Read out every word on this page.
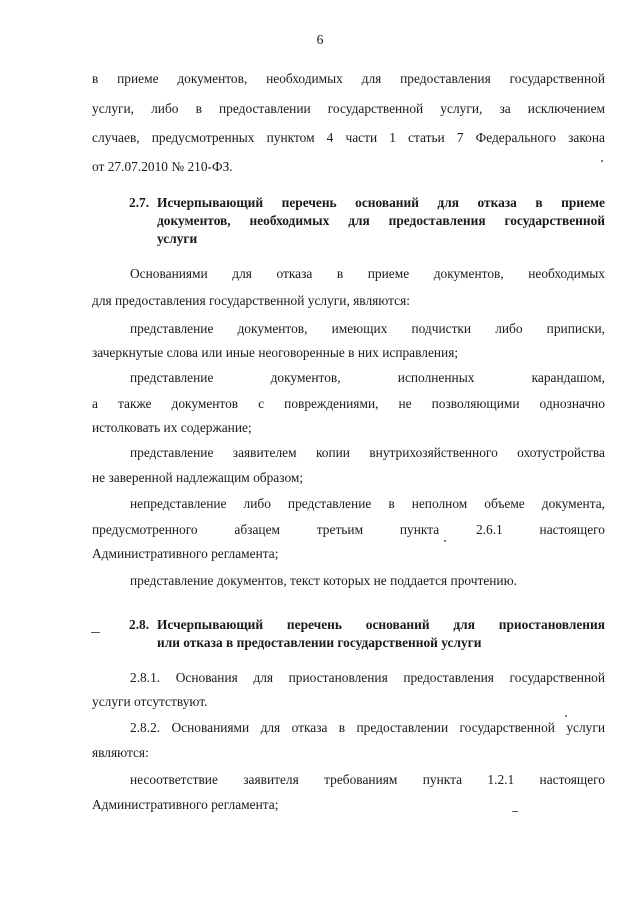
6
в приеме документов, необходимых для предоставления государственной
услуги, либо в предоставлении государственной услуги, за исключением
случаев, предусмотренных пунктом 4 части 1 статьи 7 Федерального закона
от 27.07.2010 № 210-ФЗ.
2.7. Исчерпывающий перечень оснований для отказа в приеме
документов, необходимых для предоставления государственной
услуги
Основаниями для отказа в приеме документов, необходимых
для предоставления государственной услуги, являются:
представление документов, имеющих подчистки либо приписки,
зачеркнутые слова или иные неоговоренные в них исправления;
представление документов, исполненных карандашом,
а также документов с повреждениями, не позволяющими однозначно
истолковать их содержание;
представление заявителем копии внутрихозяйственного охотустройства
не заверенной надлежащим образом;
непредставление либо представление в неполном объеме документа,
предусмотренного абзацем третьим пункта 2.6.1 настоящего
Административного регламента;
представление документов, текст которых не поддается прочтению.
2.8. Исчерпывающий перечень оснований для приостановления
или отказа в предоставлении государственной услуги
2.8.1. Основания для приостановления предоставления государственной
услуги отсутствуют.
2.8.2. Основаниями для отказа в предоставлении государственной услуги
являются:
несоответствие заявителя требованиям пункта 1.2.1 настоящего
Административного регламента;
